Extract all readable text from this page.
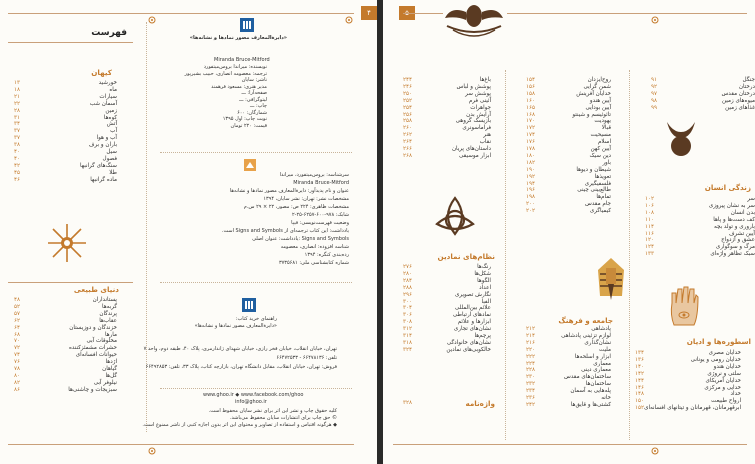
۴
فهرست
کیهان
دنیای طبیعی
«دایرة‌المعارف مصور نمادها و نشانه‌ها»
Miranda Bruce-Mitford
www.ghoo.ir ◆ www.facebook.com/ghoo
info@ghoo.ir
خورشید
۱۳
ماه
۱۸
سیارات
۲۱
آسمان شب
۲۲
زمین
۲۸
کوه‌ها
۳۱
آتش
۳۴
آب
۳۷
آب و هوا
۳۷
باران و برف
۳۸
سیل
۴۰
فصول
۴۰
سنگ‌های گرانبها
۴۲
طلا
۴۵
ماده گرانبها
۴۶
پستانداران
۴۸
گربه‌ها
۵۲
پرندگان
۵۷
عقاب‌ها
۶۲
خزندگان و دوزیستان
۶۴
مارها
۶۸
مخلوقات آبی
۷۰
حشرات مشمئزکننده
۷۲
حیوانات افسانه‌ای
۷۴
اژدها
۷۶
گیاهان
۷۸
گل‌ها
۸۰
نیلوفر آبی
۸۲
سبزیجات و چاشنی‌ها
۸۶
نویسنده: میراندا بروس‌میتفورد
ترجمه: معصومه انصاری، حبیب بشیرپور
ناشر: سایان
مدیر هنری: مسعود فرهمند
صفحه‌آرا: ـــ
لیتوگرافی: ـــ
چاپ: ـــ
شمارگان: ۶۰۰
نوبت چاپ: اول ۱۳۹۵
قیمت: ۲۲۰ تومان
سرشناسه: بروس‌میتفورد، میراندا
Miranda Bruce-Mitford
عنوان و نام پدیدآور: دایرة‌المعارف مصور نمادها و نشانه‌ها
مشخصات نشر: تهران: نشر سایان، ۱۳۹۴
مشخصات ظاهری: ۲۲۴ ص: مصور، ۲۲ × ۲۹ س.م
شابک: ۹۷۸-۶۰۰-۶۲۵۷-۲۵-۲
وضعیت فهرست‌نویسی: فیپا
یادداشت: این کتاب ترجمه‌ای از Signs and Symbols است.
Signs and Symbols :یادداشت: عنوان اصلی
شناسه افزوده: انصاری، معصومه
رده‌بندی کنگره: ۱۳۹۴
شماره کتابشناسی ملی: ۳۷۳۵۶۸۱
راهنمای خرید کتاب:
«دایرة‌المعارف مصور نمادها و نشانه‌ها»
تهران، خیابان انقلاب، خیابان فخر رازی، خیابان شهدای ژاندارمری، پلاک ۴۰، طبقه دوم، واحد ۷
تلفن: ۶۶۴۷۸۱۳۶ - ۶۶۴۷۲۵۳۳
فروش: تهران، خیابان انقلاب، مقابل دانشگاه تهران، بازارچه کتاب، پلاک ۳۳، تلفن: ۶۶۴۹۲۸۵۳
کلیه حقوق چاپ و نشر این اثر برای نشر سایان محفوظ است.
© حق چاپ برای انتشارات سایان محفوظ می‌باشد.
◆ هرگونه اقتباس و استفاده از تصاویر و محتوای این اثر بدون اجازه کتبی از ناشر ممنوع است.
۵
جنگل
۹۱
درختان
۹۲
درختان مقدس
۹۷
میوه‌های زمین
۹۸
غذاهای زمین
۹۹
زندگی انسان
سر
۱۰۲
سر به نشان پیروزی
۱۰۶
بدن انسان
۱۰۸
کف دست‌ها و پاها
۱۱۰
باروری و تولد بچه
۱۱۴
آیین تشرف
۱۱۶
عشق و ازدواج
۱۲۰
مرگ و سوگواری
۱۲۴
سبک تظاهر واژه‌ای
۱۳۳
اسطوره‌ها و ادیان
خدایان مصری
۱۳۴
خدایان رومی و یونانی
۱۳۶
خدایان هندو
۱۴۰
سلتی و نروژی
۱۴۲
خدایان آمریکای
۱۴۴
خدایی و مرکزی
۱۴۶
خداد
۱۴۸
ارواح طبیعت
۱۵۰
ابرقهرمانان، قهرمانان و تیتانهای افسانه‌ای
۱۵۲
روح‌ایزدان
۱۵۴
شمن گرایی
۱۵۶
خدایان آفرینش
۱۵۸
آیین هندو
۱۶۰
آیین بودایی
۱۶۵
تائوئیسم و شینتو
۱۶۸
یهودیت
۱۷۰
قبالا
۱۷۲
مسیحیت
۱۷۴
اسلام
۱۷۶
آیین کهن
۱۷۸
دین سیک
۱۸۰
باور
۱۸۲
شیطان و دیوها
۱۹۰
تعویذها
۱۹۲
فلسفیگیری
۱۹۴
طالع‌بینی چینی
۱۹۶
تمام‌ها
۱۹۸
جام مقدس
۲۰۰
کیمیاگری
۲۰۲
جامعه و فرهنگ
پادشاهی
۲۱۲
لوازم تزئینی پادشاهی
۲۱۴
نشان‌گذاری
۲۱۶
ملیت
۲۲۰
ابزار و اسلحه‌ها
۲۲۲
معماری
۲۲۴
معماری دینی
۲۲۸
ساختمان‌های مقدس
۲۳۰
ساختمان‌ها
۲۳۲
پله‌هایی به آسمان
۲۳۴
خانه
۲۳۶
کشتی‌ها و قایق‌ها
۲۴۲
باغ‌ها
۲۴۴
پوشش و لباس
۲۴۶
پوشش سر
۲۵۰
آئینی فرم
۲۵۲
جواهرات
۲۵۴
آرایش بدن
۲۵۶
بازیسک گروهی
۲۵۸
فراماسونری
۲۶۰
هنر
۲۶۲
نقاب
۲۶۴
داستان‌های پریان
۲۶۶
ابزار موسیقی
۲۶۸
نظام‌های نمادین
رنگ‌ها
۲۷۶
شکل‌ها
۲۸۰
الگوها
۲۸۴
اعداد
۲۸۸
نگارش تصویری
۲۹۶
الفبا
۳۰۰
علائم بین‌المللی
۳۰۴
نمادهای ارتباطی
۳۰۶
ابزارها و علائم
۳۰۸
نشان‌های تجاری
۳۱۲
پرچم‌ها
۳۱۴
نشان‌های خانوادگی
۳۱۸
خالکوبی‌های نمادین
۳۲۴
واژه‌نامه
۳۲۸
